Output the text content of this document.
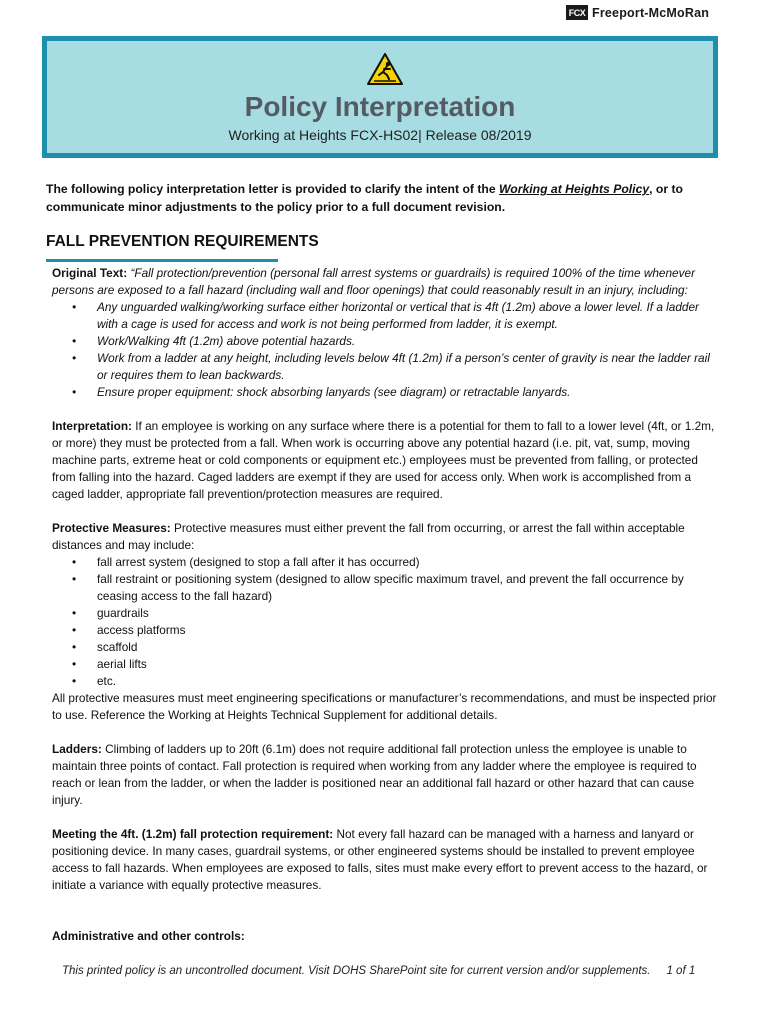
FCX Freeport-McMoRan
Policy Interpretation
Working at Heights FCX-HS02| Release 08/2019
The following policy interpretation letter is provided to clarify the intent of the Working at Heights Policy, or to communicate minor adjustments to the policy prior to a full document revision.
FALL PREVENTION REQUIREMENTS

Original Text: “Fall protection/prevention (personal fall arrest systems or guardrails) is required 100% of the time whenever persons are exposed to a fall hazard (including wall and floor openings) that could reasonably result in an injury, including:

• Any unguarded walking/working surface either horizontal or vertical that is 4ft (1.2m) above a lower level. If a ladder with a cage is used for access and work is not being performed from ladder, it is exempt.
• Work/Walking 4ft (1.2m) above potential hazards.
• Work from a ladder at any height, including levels below 4ft (1.2m) if a person’s center of gravity is near the ladder rail or requires them to lean backwards.
• Ensure proper equipment: shock absorbing lanyards (see diagram) or retractable lanyards.

Interpretation: If an employee is working on any surface where there is a potential for them to fall to a lower level (4ft, or 1.2m, or more) they must be protected from a fall. When work is occurring above any potential hazard (i.e. pit, vat, sump, moving machine parts, extreme heat or cold components or equipment etc.) employees must be prevented from falling, or protected from falling into the hazard. Caged ladders are exempt if they are used for access only. When work is accomplished from a caged ladder, appropriate fall prevention/protection measures are required.

Protective Measures: Protective measures must either prevent the fall from occurring, or arrest the fall within acceptable distances and may include:

• fall arrest system (designed to stop a fall after it has occurred)
• fall restraint or positioning system (designed to allow specific maximum travel, and prevent the fall occurrence by ceasing access to the fall hazard)
• guardrails
• access platforms
• scaffold
• aerial lifts
• etc.

All protective measures must meet engineering specifications or manufacturer’s recommendations, and must be inspected prior to use. Reference the Working at Heights Technical Supplement for additional details.

Ladders: Climbing of ladders up to 20ft (6.1m) does not require additional fall protection unless the employee is unable to maintain three points of contact. Fall protection is required when working from any ladder where the employee is required to reach or lean from the ladder, or when the ladder is positioned near an additional fall hazard or other hazard that can cause injury.

Meeting the 4ft. (1.2m) fall protection requirement: Not every fall hazard can be managed with a harness and lanyard or positioning device. In many cases, guardrail systems, or other engineered systems should be installed to prevent employee access to fall hazards. When employees are exposed to falls, sites must make every effort to prevent access to the hazard, or initiate a variance with equally protective measures.

Administrative and other controls:

This printed policy is an uncontrolled document. Visit DOHS SharePoint site for current version and/or supplements.     1 of 1
